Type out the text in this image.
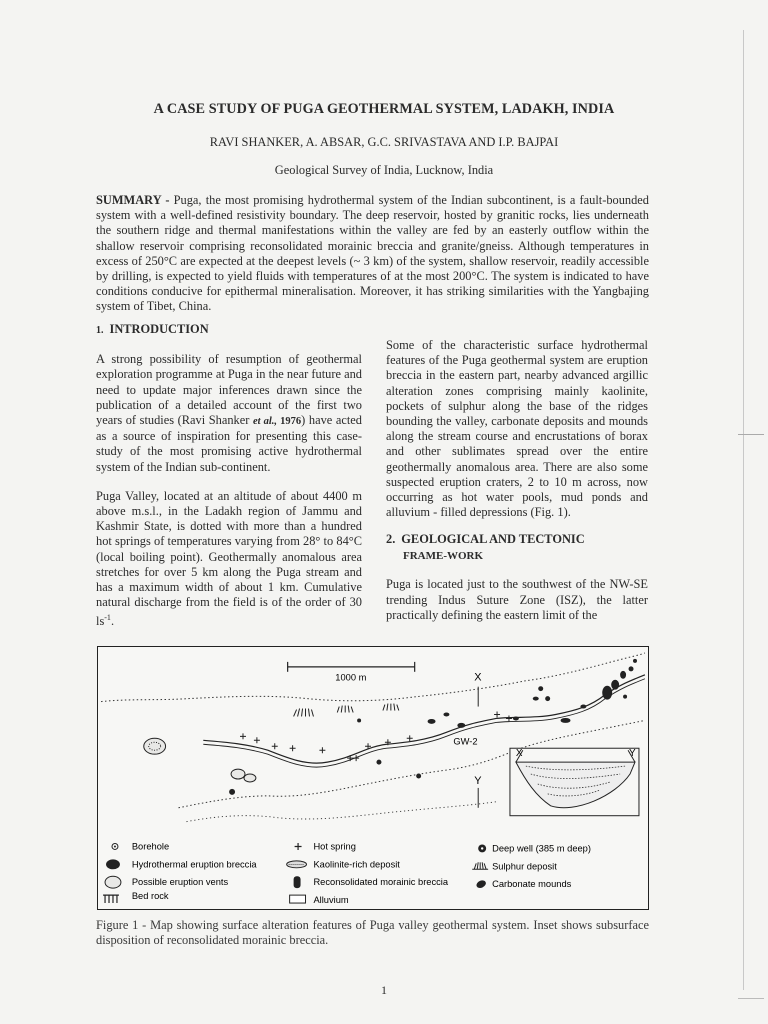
A CASE STUDY OF PUGA GEOTHERMAL SYSTEM, LADAKH, INDIA
RAVI SHANKER, A. ABSAR, G.C. SRIVASTAVA AND I.P. BAJPAI
Geological Survey of India, Lucknow, India
SUMMARY - Puga, the most promising hydrothermal system of the Indian subcontinent, is a fault-bounded system with a well-defined resistivity boundary. The deep reservoir, hosted by granitic rocks, lies underneath the southern ridge and thermal manifestations within the valley are fed by an easterly outflow within the shallow reservoir comprising reconsolidated morainic breccia and granite/gneiss. Although temperatures in excess of 250°C are expected at the deepest levels (~ 3 km) of the system, shallow reservoir, readily accessible by drilling, is expected to yield fluids with temperatures of at the most 200°C. The system is indicated to have conditions conducive for epithermal mineralisation. Moreover, it has striking similarities with the Yangbajing system of Tibet, China.
1. INTRODUCTION

A strong possibility of resumption of geothermal exploration programme at Puga in the near future and need to update major inferences drawn since the publication of a detailed account of the first two years of studies (Ravi Shanker et al., 1976) have acted as a source of inspiration for presenting this case-study of the most promising active hydrothermal system of the Indian sub-continent.

Puga Valley, located at an altitude of about 4400 m above m.s.l., in the Ladakh region of Jammu and Kashmir State, is dotted with more than a hundred hot springs of temperatures varying from 28° to 84°C (local boiling point). Geothermally anomalous area stretches for over 5 km along the Puga stream and has a maximum width of about 1 km. Cumulative natural discharge from the field is of the order of 30 $ls^{-1}$.

Some of the characteristic surface hydrothermal features of the Puga geothermal system are eruption breccia in the eastern part, nearby advanced argillic alteration zones comprising mainly kaolinite, pockets of sulphur along the base of the ridges bounding the valley, carbonate deposits and mounds along the stream course and encrustations of borax and other sublimates spread over the entire geothermally anomalous area. There are also some suspected eruption craters, 2 to 10 m across, now occurring as hot water pools, mud ponds and alluvium - filled depressions (Fig. 1).

2. GEOLOGICAL AND TECTONIC
FRAME-WORK

Puga is located just to the southwest of the NW-SE trending Indus Suture Zone (ISZ), the latter practically defining the eastern limit of the

1000 m	X
Y
GW-2
X	Y
Borehole
Hydrothermal eruption breccia
Possible eruption vents
Bed rock
Hot spring
Kaolinite-rich deposit
Reconsolidated morainic breccia
Alluvium
Deep well (385 m deep)
Sulphur deposit
Carbonate mounds
Figure 1 - Map showing surface alteration features of Puga valley geothermal system. Inset shows subsurface disposition of reconsolidated morainic breccia.
1
